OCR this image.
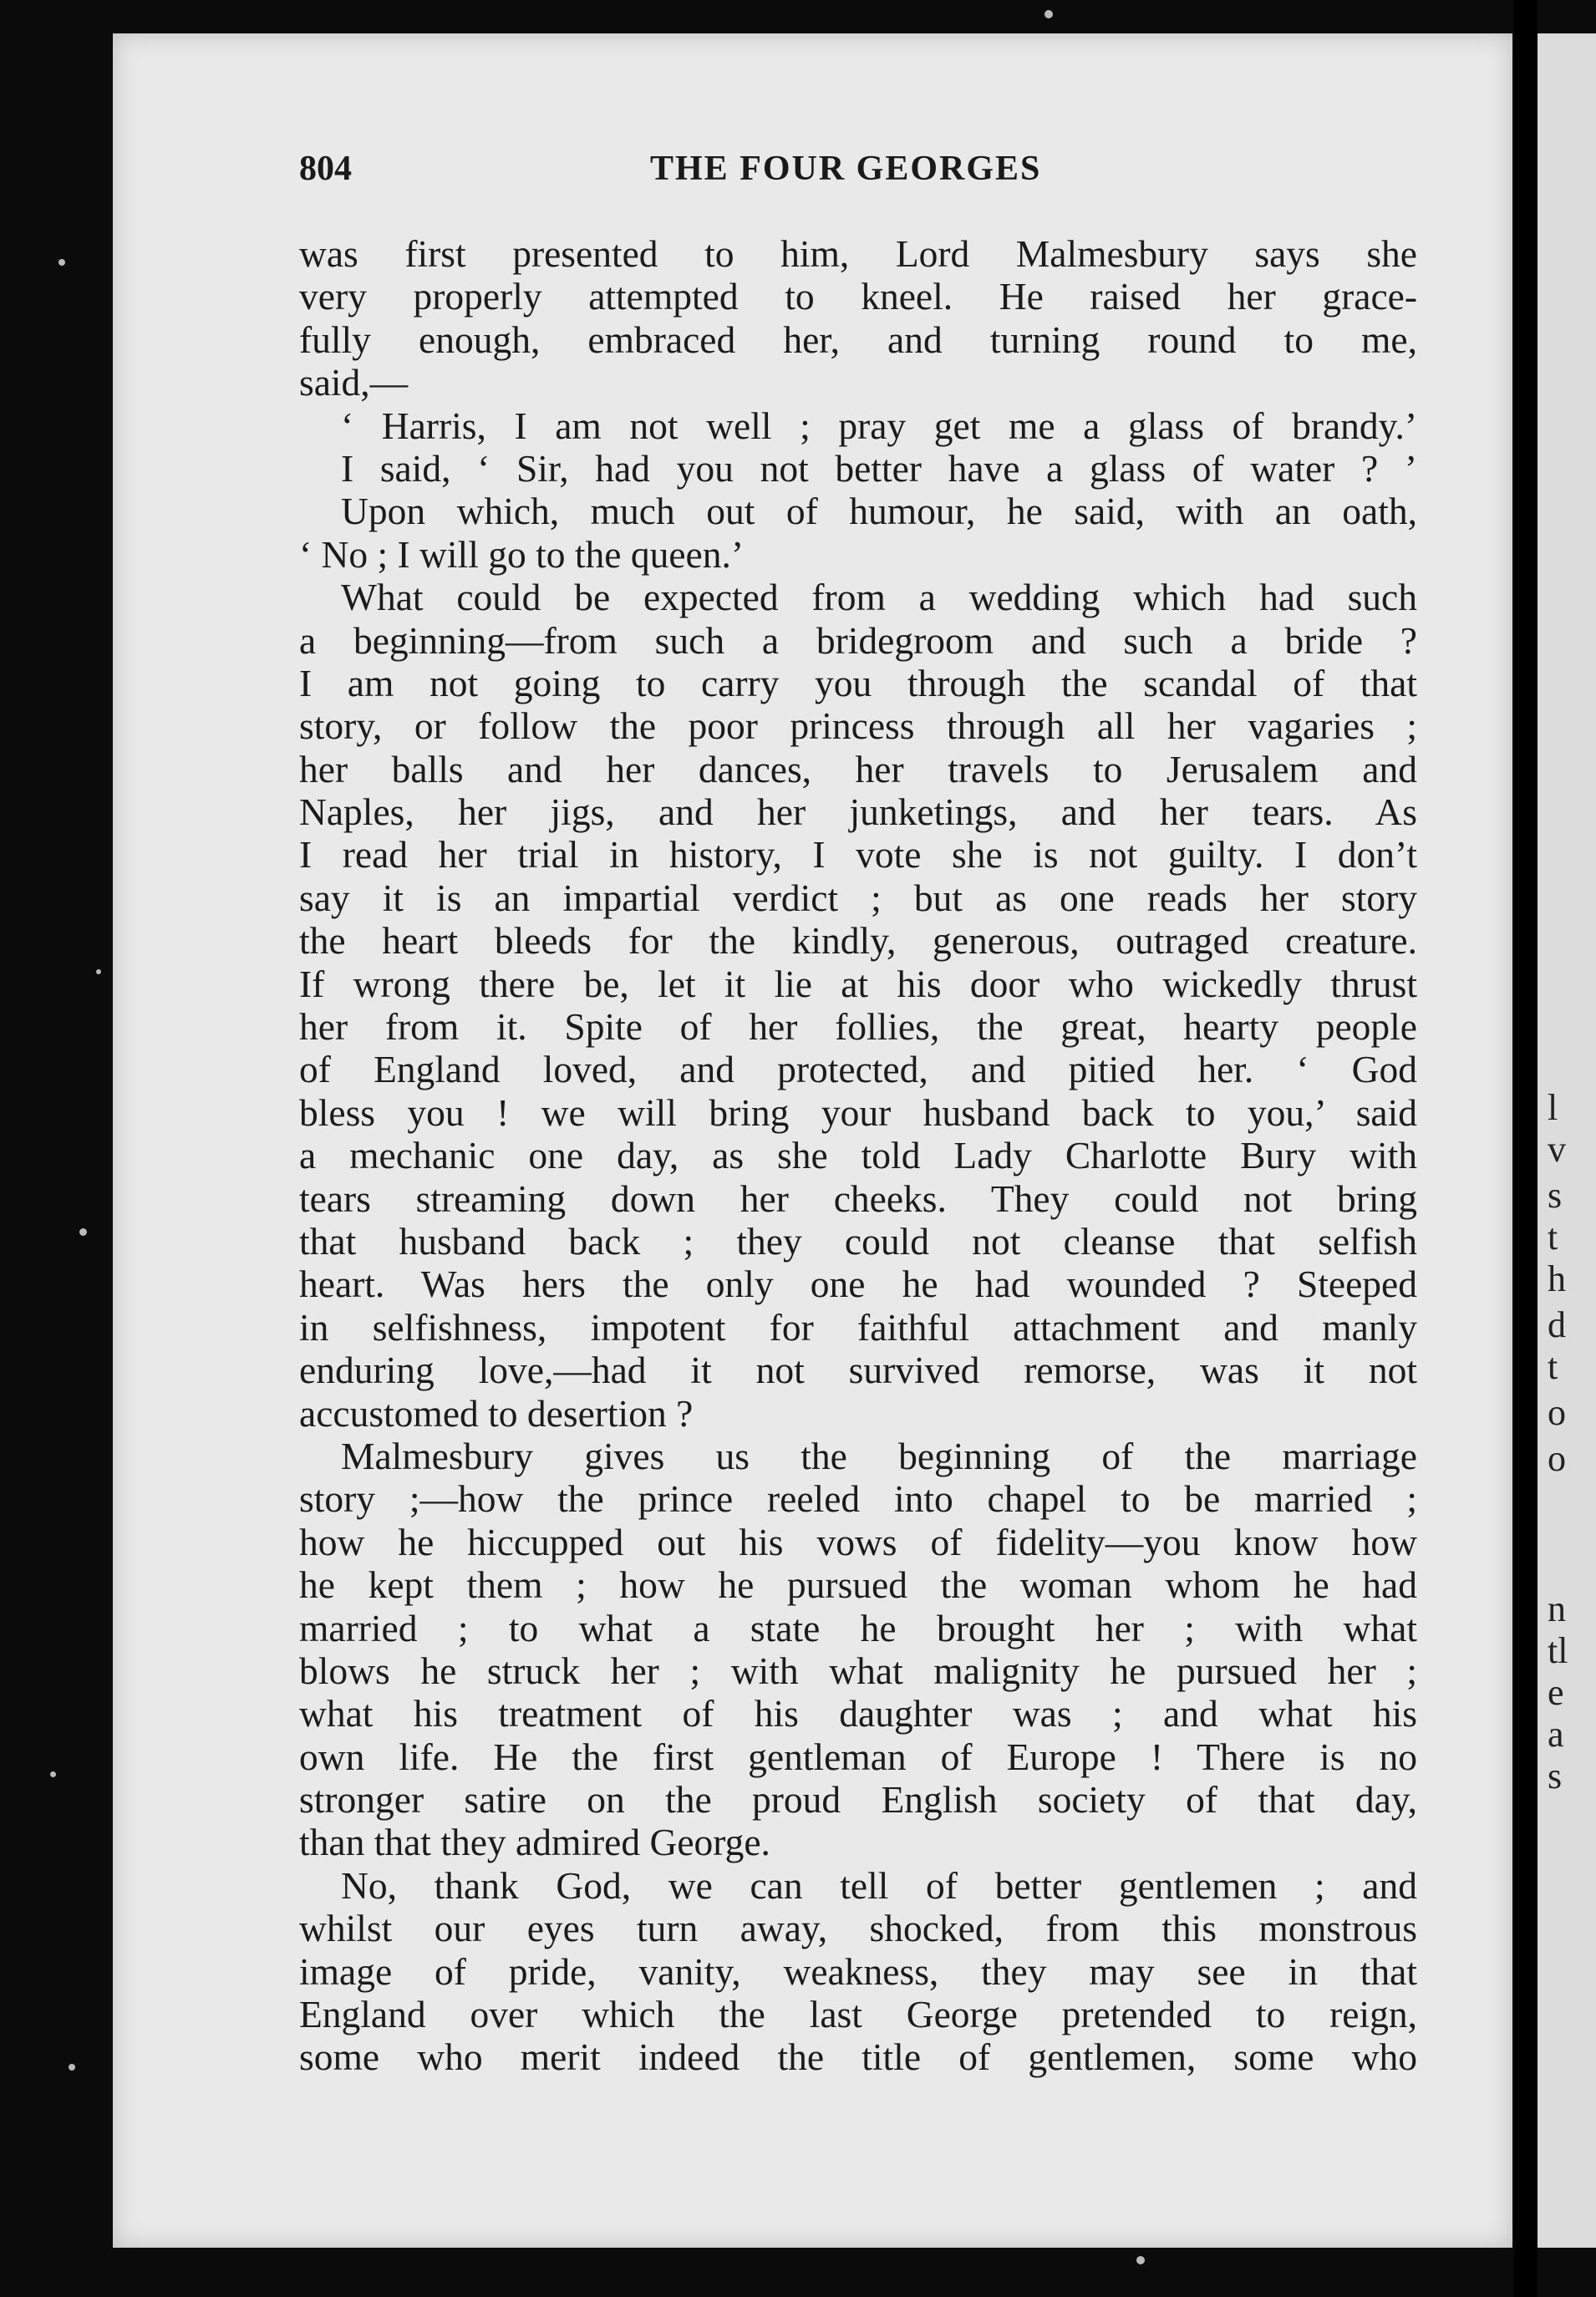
l
v
s
t
h
d
t
o
o
n
tl
e
a
s
804	THE FOUR GEORGES
was first presented to him, Lord Malmesbury says she
very properly attempted to kneel. He raised her grace-
fully enough, embraced her, and turning round to me,
said,—
‘ Harris, I am not well ; pray get me a glass of brandy.’
I said, ‘ Sir, had you not better have a glass of water ? ’
Upon which, much out of humour, he said, with an oath,
‘ No ; I will go to the queen.’
What could be expected from a wedding which had such
a beginning—from such a bridegroom and such a bride ?
I am not going to carry you through the scandal of that
story, or follow the poor princess through all her vagaries ;
her balls and her dances, her travels to Jerusalem and
Naples, her jigs, and her junketings, and her tears. As
I read her trial in history, I vote she is not guilty. I don’t
say it is an impartial verdict ; but as one reads her story
the heart bleeds for the kindly, generous, outraged creature.
If wrong there be, let it lie at his door who wickedly thrust
her from it. Spite of her follies, the great, hearty people
of England loved, and protected, and pitied her. ‘ God
bless you ! we will bring your husband back to you,’ said
a mechanic one day, as she told Lady Charlotte Bury with
tears streaming down her cheeks. They could not bring
that husband back ; they could not cleanse that selfish
heart. Was hers the only one he had wounded ? Steeped
in selfishness, impotent for faithful attachment and manly
enduring love,—had it not survived remorse, was it not
accustomed to desertion ?
Malmesbury gives us the beginning of the marriage
story ;—how the prince reeled into chapel to be married ;
how he hiccupped out his vows of fidelity—you know how
he kept them ; how he pursued the woman whom he had
married ; to what a state he brought her ; with what
blows he struck her ; with what malignity he pursued her ;
what his treatment of his daughter was ; and what his
own life. He the first gentleman of Europe ! There is no
stronger satire on the proud English society of that day,
than that they admired George.
No, thank God, we can tell of better gentlemen ; and
whilst our eyes turn away, shocked, from this monstrous
image of pride, vanity, weakness, they may see in that
England over which the last George pretended to reign,
some who merit indeed the title of gentlemen, some who
